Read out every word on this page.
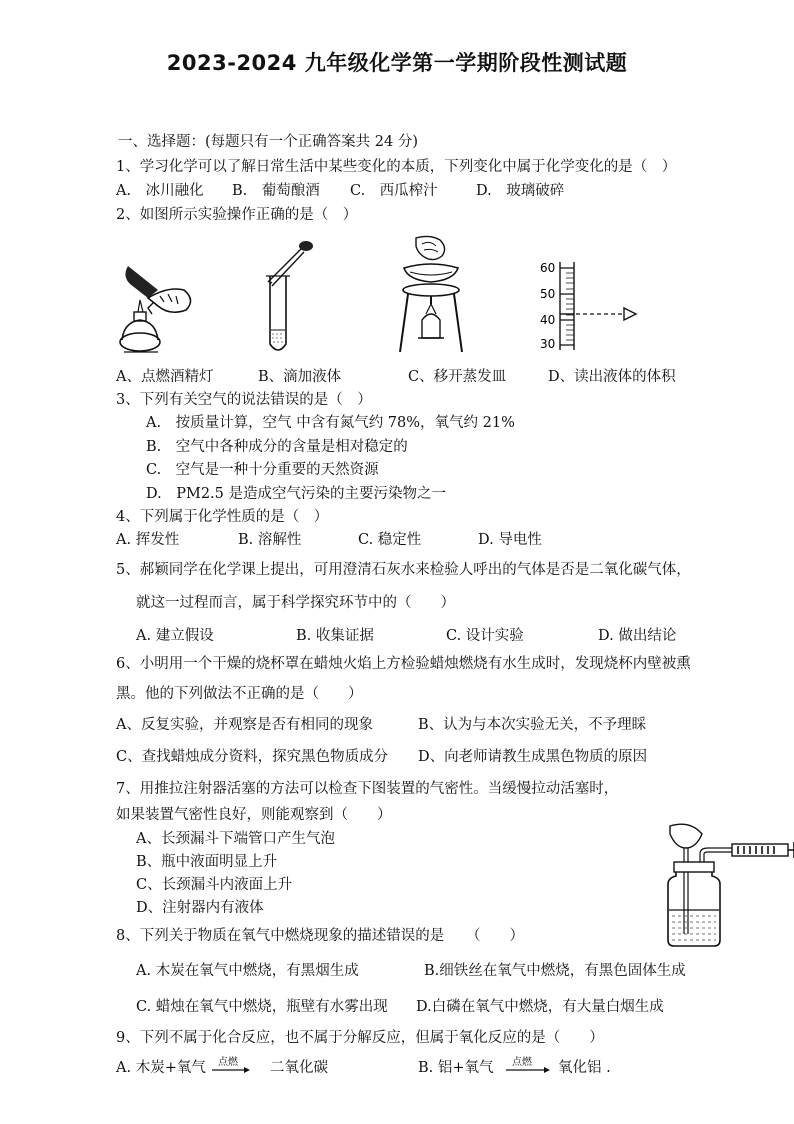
2023-2024 九年级化学第一学期阶段性测试题
一、选择题：(每题只有一个正确答案共 24 分)
1、学习化学可以了解日常生活中某些变化的本质，下列变化中属于化学变化的是（　）
A.　冰川融化 B.　葡萄酿酒 C.　西瓜榨汁	D.　玻璃破碎
2、如图所示实验操作正确的是（　）
60
50
40
30
A、点燃酒精灯	B、滴加液体	C、移开蒸发皿	D、读出液体的体积
3、下列有关空气的说法错误的是（　）
A.　按质量计算，空气 中含有氮气约 78%，氧气约 21%
B.　空气中各种成分的含量是相对稳定的
C.　空气是一种十分重要的天然资源
D.　PM2.5 是造成空气污染的主要污染物之一
4、下列属于化学性质的是（　）
A. 挥发性	B. 溶解性	C. 稳定性	D. 导电性
5、郝颖同学在化学课上提出，可用澄清石灰水来检验人呼出的气体是否是二氧化碳气体，
就这一过程而言，属于科学探究环节中的（　　）
A. 建立假设	B. 收集证据	C. 设计实验	D. 做出结论
6、小明用一个干燥的烧杯罩在蜡烛火焰上方检验蜡烛燃烧有水生成时，发现烧杯内壁被熏
黑。他的下列做法不正确的是（　　）
A、反复实验，并观察是否有相同的现象	B、认为与本次实验无关，不予理睬
C、查找蜡烛成分资料，探究黑色物质成分 D、向老师请教生成黑色物质的原因
7、用推拉注射器活塞的方法可以检查下图装置的气密性。当缓慢拉动活塞时，
如果装置气密性良好，则能观察到（　　）
A、长颈漏斗下端管口产生气泡
B、瓶中液面明显上升
C、长颈漏斗内液面上升
D、注射器内有液体
8、下列关于物质在氧气中燃烧现象的描述错误的是　　（　　）
A. 木炭在氧气中燃烧，有黑烟生成	B.细铁丝在氧气中燃烧，有黑色固体生成
C. 蜡烛在氧气中燃烧，瓶壁有水雾出现 D.白磷在氧气中燃烧，有大量白烟生成
9、下列不属于化合反应，也不属于分解反应，但属于氧化反应的是（　　）
A. 木炭+氧气 点燃 二氧化碳	B. 铝+氧气 点燃 氧化铝 .
